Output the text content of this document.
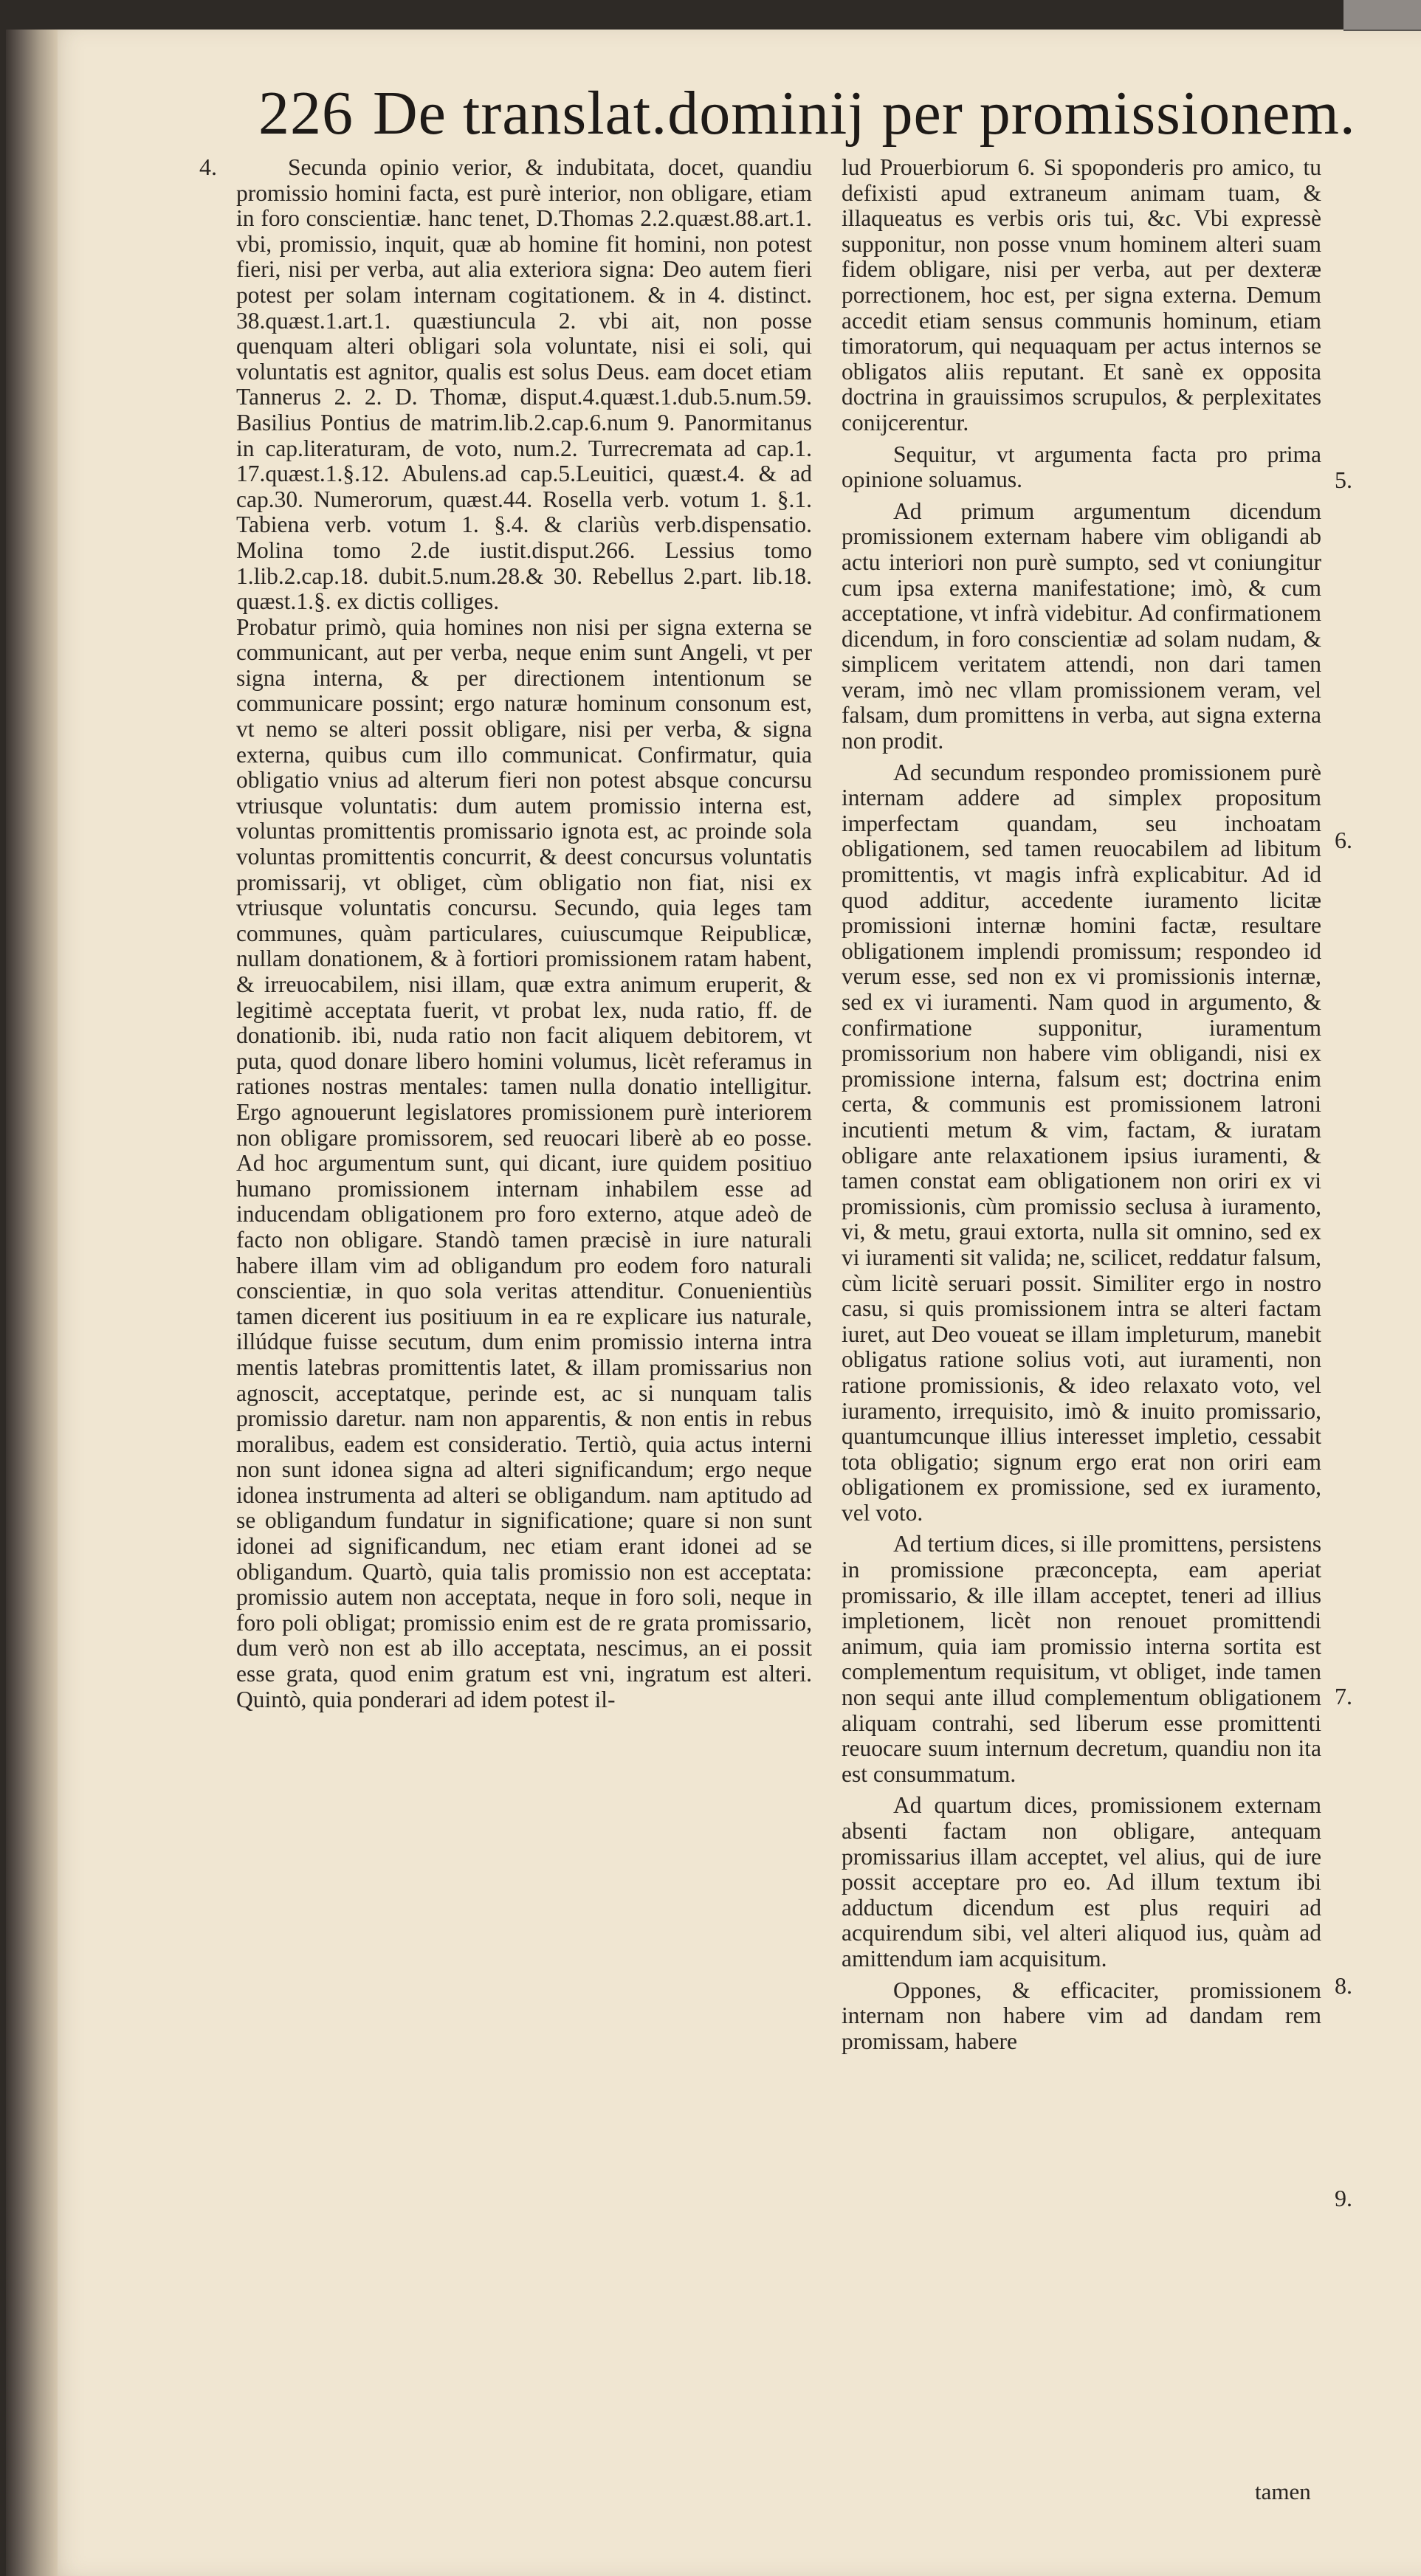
226 De translat.dominij per promissionem.
4.
5.
6.
7.
8.
9.

Secunda opinio verior, & indubitata, docet, quandiu promissio homini facta, est purè interior, non obligare, etiam in foro conscientiæ. hanc tenet, D.Thomas 2.2.quæst.88.art.1. vbi, promissio, inquit, quæ ab homine fit homini, non potest fieri, nisi per verba, aut alia exteriora signa: Deo autem fieri potest per solam internam cogitationem. & in 4. distinct. 38.quæst.1.art.1. quæstiuncula 2. vbi ait, non posse quenquam alteri obligari sola voluntate, nisi ei soli, qui voluntatis est agnitor, qualis est solus Deus. eam docet etiam Tannerus 2. 2. D. Thomæ, disput.4.quæst.1.dub.5.num.59. Basilius Pontius de matrim.lib.2.cap.6.num 9. Panormitanus in cap.literaturam, de voto, num.2. Turrecremata ad cap.1. 17.quæst.1.§.12. Abulens.ad cap.5.Leuitici, quæst.4. & ad cap.30. Numerorum, quæst.44. Rosella verb. votum 1. §.1. Tabiena verb. votum 1. §.4. & clariùs verb.dispensatio. Molina tomo 2.de iustit.disput.266. Lessius tomo 1.lib.2.cap.18. dubit.5.num.28.& 30. Rebellus 2.part. lib.18. quæst.1.§. ex dictis colliges.

Probatur primò, quia homines non nisi per signa externa se communicant, aut per verba, neque enim sunt Angeli, vt per signa interna, & per directionem intentionum se communicare possint; ergo naturæ hominum consonum est, vt nemo se alteri possit obligare, nisi per verba, & signa externa, quibus cum illo communicat. Confirmatur, quia obligatio vnius ad alterum fieri non potest absque concursu vtriusque voluntatis: dum autem promissio interna est, voluntas promittentis promissario ignota est, ac proinde sola voluntas promittentis concurrit, & deest concursus voluntatis promissarij, vt obliget, cùm obligatio non fiat, nisi ex vtriusque voluntatis concursu. Secundo, quia leges tam communes, quàm particulares, cuiuscumque Reipublicæ, nullam donationem, & à fortiori promissionem ratam habent, & irreuocabilem, nisi illam, quæ extra animum eruperit, & legitimè acceptata fuerit, vt probat lex, nuda ratio, ff. de donationib. ibi, nuda ratio non facit aliquem debitorem, vt puta, quod donare libero homini volumus, licèt referamus in rationes nostras mentales: tamen nulla donatio intelligitur. Ergo agnouerunt legislatores promissionem purè interiorem non obligare promissorem, sed reuocari liberè ab eo posse. Ad hoc argumentum sunt, qui dicant, iure quidem positiuo humano promissionem internam inhabilem esse ad inducendam obligationem pro foro externo, atque adeò de facto non obligare. Standò tamen præcisè in iure naturali habere illam vim ad obligandum pro eodem foro naturali conscientiæ, in quo sola veritas attenditur. Conuenientiùs tamen dicerent ius positiuum in ea re explicare ius naturale, illúdque fuisse secutum, dum enim promissio interna intra mentis latebras promittentis latet, & illam promissarius non agnoscit, acceptatque, perinde est, ac si nunquam talis promissio daretur. nam non apparentis, & non entis in rebus moralibus, eadem est consideratio. Tertiò, quia actus interni non sunt idonea signa ad alteri significandum; ergo neque idonea instrumenta ad alteri se obligandum. nam aptitudo ad se obligandum fundatur in significatione; quare si non sunt idonei ad significandum, nec etiam erant idonei ad se obligandum. Quartò, quia talis promissio non est acceptata: promissio autem non acceptata, neque in foro soli, neque in foro poli obligat; promissio enim est de re grata promissario, dum verò non est ab illo acceptata, nescimus, an ei possit esse grata, quod enim gratum est vni, ingratum est alteri. Quintò, quia ponderari ad idem potest il-

lud Prouerbiorum 6. Si spoponderis pro amico, tu defixisti apud extraneum animam tuam, & illaqueatus es verbis oris tui, &c. Vbi expressè supponitur, non posse vnum hominem alteri suam fidem obligare, nisi per verba, aut per dexteræ porrectionem, hoc est, per signa externa. Demum accedit etiam sensus communis hominum, etiam timoratorum, qui nequaquam per actus internos se obligatos aliis reputant. Et sanè ex opposita doctrina in grauissimos scrupulos, & perplexitates conijcerentur.

Sequitur, vt argumenta facta pro prima opinione soluamus.

Ad primum argumentum dicendum promissionem externam habere vim obligandi ab actu interiori non purè sumpto, sed vt coniungitur cum ipsa externa manifestatione; imò, & cum acceptatione, vt infrà videbitur. Ad confirmationem dicendum, in foro conscientiæ ad solam nudam, & simplicem veritatem attendi, non dari tamen veram, imò nec vllam promissionem veram, vel falsam, dum promittens in verba, aut signa externa non prodit.

Ad secundum respondeo promissionem purè internam addere ad simplex propositum imperfectam quandam, seu inchoatam obligationem, sed tamen reuocabilem ad libitum promittentis, vt magis infrà explicabitur. Ad id quod additur, accedente iuramento licitæ promissioni internæ homini factæ, resultare obligationem implendi promissum; respondeo id verum esse, sed non ex vi promissionis internæ, sed ex vi iuramenti. Nam quod in argumento, & confirmatione supponitur, iuramentum promissorium non habere vim obligandi, nisi ex promissione interna, falsum est; doctrina enim certa, & communis est promissionem latroni incutienti metum & vim, factam, & iuratam obligare ante relaxationem ipsius iuramenti, & tamen constat eam obligationem non oriri ex vi promissionis, cùm promissio seclusa à iuramento, vi, & metu, graui extorta, nulla sit omnino, sed ex vi iuramenti sit valida; ne, scilicet, reddatur falsum, cùm licitè seruari possit. Similiter ergo in nostro casu, si quis promissionem intra se alteri factam iuret, aut Deo voueat se illam impleturum, manebit obligatus ratione solius voti, aut iuramenti, non ratione promissionis, & ideo relaxato voto, vel iuramento, irrequisito, imò & inuito promissario, quantumcunque illius interesset impletio, cessabit tota obligatio; signum ergo erat non oriri eam obligationem ex promissione, sed ex iuramento, vel voto.

Ad tertium dices, si ille promittens, persistens in promissione præconcepta, eam aperiat promissario, & ille illam acceptet, teneri ad illius impletionem, licèt non renouet promittendi animum, quia iam promissio interna sortita est complementum requisitum, vt obliget, inde tamen non sequi ante illud complementum obligationem aliquam contrahi, sed liberum esse promittenti reuocare suum internum decretum, quandiu non ita est consummatum.

Ad quartum dices, promissionem externam absenti factam non obligare, antequam promissarius illam acceptet, vel alius, qui de iure possit acceptare pro eo. Ad illum textum ibi adductum dicendum est plus requiri ad acquirendum sibi, vel alteri aliquod ius, quàm ad amittendum iam acquisitum.

Oppones, & efficaciter, promissionem internam non habere vim ad dandam rem promissam, habere

tamen
